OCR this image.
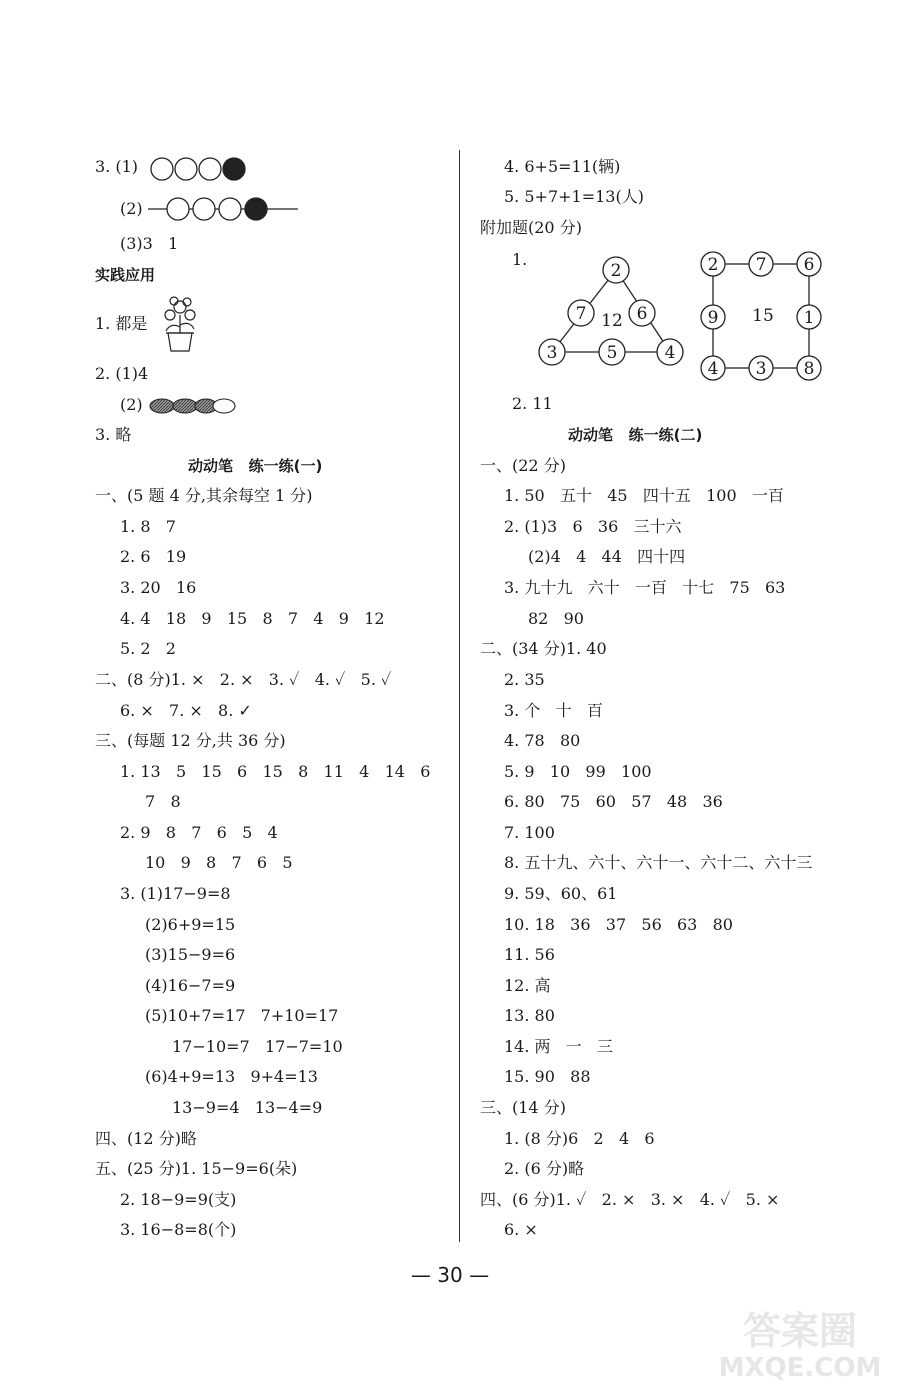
3. (1)
(2)
(3)3   1
实践应用
1. 都是
2. (1)4
(2)
3. 略
动动笔   练一练(一)
一、(5 题 4 分,其余每空 1 分)
1. 8   7
2. 6   19
3. 20   16
4. 4   18   9   15   8   7   4   9   12
5. 2   2
二、(8 分)1. ×   2. ×   3. ✓   4. ✓   5. ✓
6. ×   7. ×   8. ✓
三、(每题 12 分,共 36 分)
1. 13   5   15   6   15   8   11   4   14   6
7   8
2. 9   8   7   6   5   4
10   9   8   7   6   5
3. (1)17−9=8
(2)6+9=15
(3)15−9=6
(4)16−7=9
(5)10+7=17   7+10=17
17−10=7   17−7=10
(6)4+9=13   9+4=13
13−9=4   13−4=9
四、(12 分)略
五、(25 分)1. 15−9=6(朵)
2. 18−9=9(支)
3. 16−8=8(个)
4. 6+5=11(辆)
5. 5+7+1=13(人)
附加题(20 分)
1.
2. 11
动动笔   练一练(二)
一、(22 分)
1. 50   五十   45   四十五   100   一百
2. (1)3   6   36   三十六
(2)4   4   44   四十四
3. 九十九   六十   一百   十七   75   63
82   90
二、(34 分)1. 40
2. 35
3. 个   十   百
4. 78   80
5. 9   10   99   100
6. 80   75   60   57   48   36
7. 100
8. 五十九、六十、六十一、六十二、六十三
9. 59、60、61
10. 18   36   37   56   63   80
11. 56
12. 高
13. 80
14. 两   一   三
15. 90   88
三、(14 分)
1. (8 分)6   2   4   6
2. (6 分)略
四、(6 分)1. ✓   2. ×   3. ×   4. ✓   5. ×
6. ×
2
7	6
3	5	4
12
2 7 6
9	1
4 3 8
15
— 30 —
答案圈
MXQE.COM
